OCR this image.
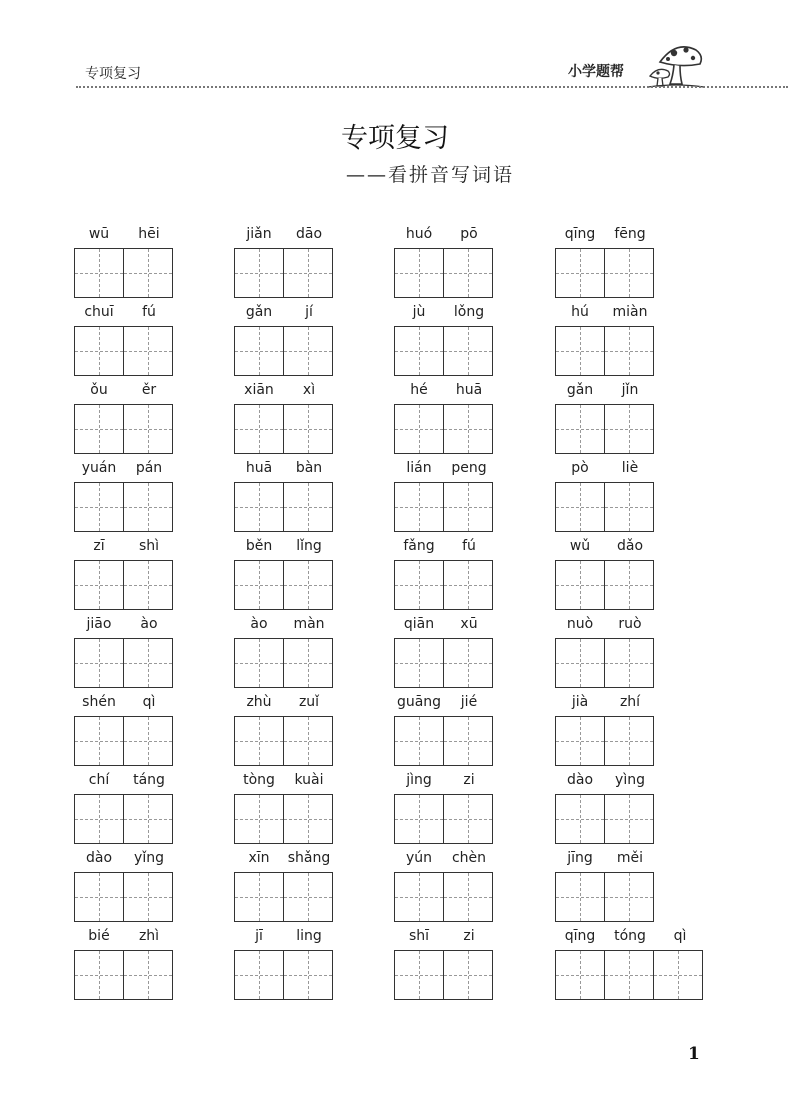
专项复习	小学题帮
专项复习
——看拼音写词语
wū	hēi	jiǎn	dāo	huó	pō	qīng	fēng
chuī	fú	gǎn	jí	jù	lǒng	hú	miàn
ǒu	ěr	xiān	xì	hé	huā	gǎn	jǐn
yuán	pán	huā	bàn	lián	peng	pò	liè
zī	shì	běn	lǐng	fǎng	fú	wǔ	dǎo
jiāo	ào	ào	màn	qiān	xū	nuò	ruò
shén	qì	zhù	zuǐ	guāng	jié	jià	zhí
chí	táng	tòng	kuài	jìng	zi	dào	yìng
dào	yǐng	xīn	shǎng	yún	chèn	jīng	měi
bié	zhì	jī	ling	shī	zi	qīng	tóng	qì
1
